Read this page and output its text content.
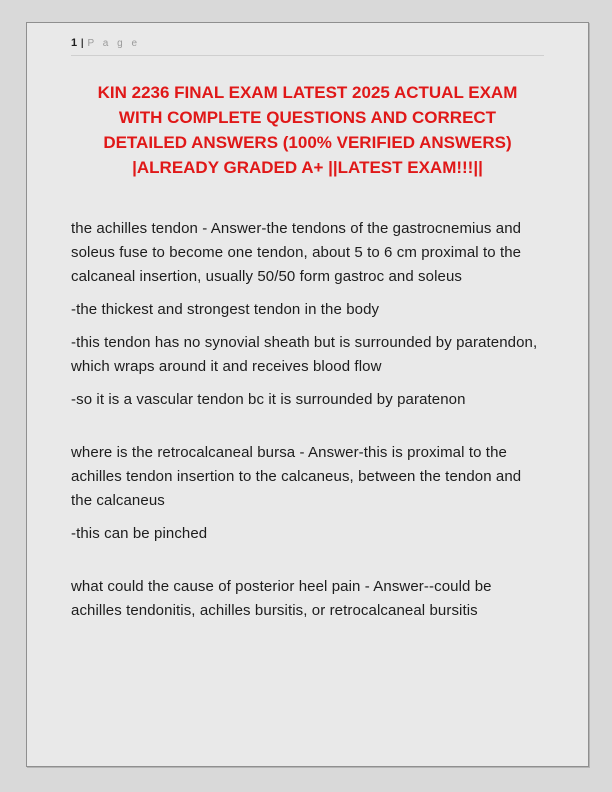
1 | P a g e
KIN 2236 FINAL EXAM LATEST 2025 ACTUAL EXAM
WITH COMPLETE QUESTIONS AND CORRECT
DETAILED ANSWERS (100% VERIFIED ANSWERS)
|ALREADY GRADED A+ ||LATEST EXAM!!!||

the achilles tendon - Answer-the tendons of the gastrocnemius and soleus fuse to become one tendon, about 5 to 6 cm proximal to the calcaneal insertion, usually 50/50 form gastroc and soleus

-the thickest and strongest tendon in the body

-this tendon has no synovial sheath but is surrounded by paratendon, which wraps around it and receives blood flow

-so it is a vascular tendon bc it is surrounded by paratenon

where is the retrocalcaneal bursa - Answer-this is proximal to the achilles tendon insertion to the calcaneus, between the tendon and the calcaneus

-this can be pinched

what could the cause of posterior heel pain - Answer--could be achilles tendonitis, achilles bursitis, or retrocalcaneal bursitis
